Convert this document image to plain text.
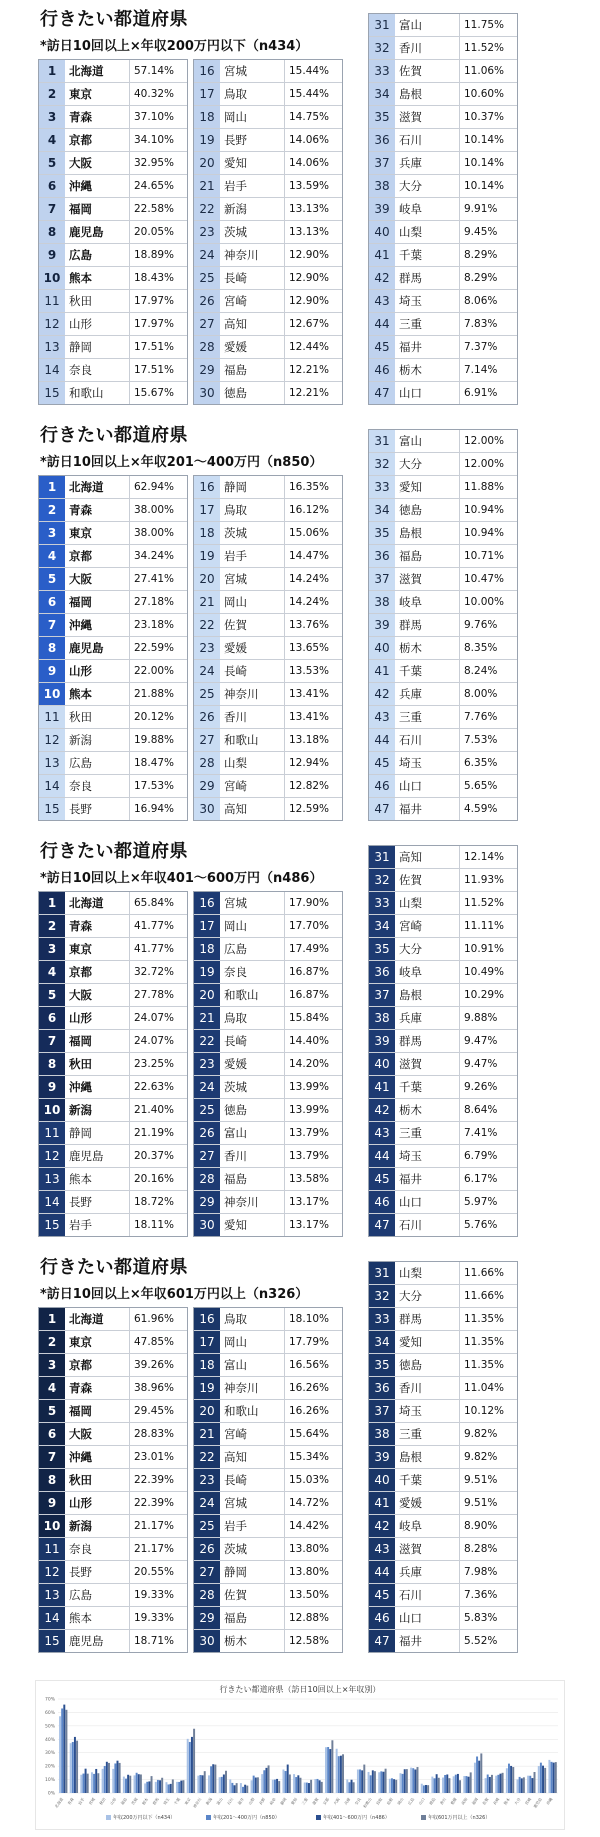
行きたい都道府県
*訪日10回以上×年収200万円以下（n434）
1	北海道	57.14%
2	東京	40.32%
3	青森	37.10%
4	京都	34.10%
5	大阪	32.95%
6	沖縄	24.65%
7	福岡	22.58%
8	鹿児島	20.05%
9	広島	18.89%
10 熊本	18.43%
11 秋田	17.97%
12 山形	17.97%
13 静岡	17.51%
14 奈良	17.51%
15 和歌山	15.67%
16 宮城	15.44%
17 鳥取	15.44%
18 岡山	14.75%
19 長野	14.06%
20 愛知	14.06%
21 岩手	13.59%
22 新潟	13.13%
23 茨城	13.13%
24 神奈川	12.90%
25 長崎	12.90%
26 宮崎	12.90%
27 高知	12.67%
28 愛媛	12.44%
29 福島	12.21%
30 徳島	12.21%
31 富山	11.75%
32 香川	11.52%
33 佐賀	11.06%
34 島根	10.60%
35 滋賀	10.37%
36 石川	10.14%
37 兵庫	10.14%
38 大分	10.14%
39 岐阜	9.91%
40 山梨	9.45%
41 千葉	8.29%
42 群馬	8.29%
43 埼玉	8.06%
44 三重	7.83%
45 福井	7.37%
46 栃木	7.14%
47 山口	6.91%
行きたい都道府県
*訪日10回以上×年収201～400万円（n850）
1	北海道	62.94%
2	青森	38.00%
3	東京	38.00%
4	京都	34.24%
5	大阪	27.41%
6	福岡	27.18%
7	沖縄	23.18%
8	鹿児島	22.59%
9	山形	22.00%
10 熊本	21.88%
11 秋田	20.12%
12 新潟	19.88%
13 広島	18.47%
14 奈良	17.53%
15 長野	16.94%
16 静岡	16.35%
17 鳥取	16.12%
18 茨城	15.06%
19 岩手	14.47%
20 宮城	14.24%
21 岡山	14.24%
22 佐賀	13.76%
23 愛媛	13.65%
24 長崎	13.53%
25 神奈川	13.41%
26 香川	13.41%
27 和歌山	13.18%
28 山梨	12.94%
29 宮崎	12.82%
30 高知	12.59%
31 富山	12.00%
32 大分	12.00%
33 愛知	11.88%
34 徳島	10.94%
35 島根	10.94%
36 福島	10.71%
37 滋賀	10.47%
38 岐阜	10.00%
39 群馬	9.76%
40 栃木	8.35%
41 千葉	8.24%
42 兵庫	8.00%
43 三重	7.76%
44 石川	7.53%
45 埼玉	6.35%
46 山口	5.65%
47 福井	4.59%
行きたい都道府県
*訪日10回以上×年収401～600万円（n486）
1	北海道	65.84%
2	青森	41.77%
3	東京	41.77%
4	京都	32.72%
5	大阪	27.78%
6	山形	24.07%
7	福岡	24.07%
8	秋田	23.25%
9	沖縄	22.63%
10 新潟	21.40%
11 静岡	21.19%
12 鹿児島	20.37%
13 熊本	20.16%
14 長野	18.72%
15 岩手	18.11%
16 宮城	17.90%
17 岡山	17.70%
18 広島	17.49%
19 奈良	16.87%
20 和歌山	16.87%
21 鳥取	15.84%
22 長崎	14.40%
23 愛媛	14.20%
24 茨城	13.99%
25 徳島	13.99%
26 富山	13.79%
27 香川	13.79%
28 福島	13.58%
29 神奈川	13.17%
30 愛知	13.17%
31 高知	12.14%
32 佐賀	11.93%
33 山梨	11.52%
34 宮崎	11.11%
35 大分	10.91%
36 岐阜	10.49%
37 島根	10.29%
38 兵庫	9.88%
39 群馬	9.47%
40 滋賀	9.47%
41 千葉	9.26%
42 栃木	8.64%
43 三重	7.41%
44 埼玉	6.79%
45 福井	6.17%
46 山口	5.97%
47 石川	5.76%
行きたい都道府県
*訪日10回以上×年収601万円以上（n326）
1	北海道	61.96%
2	東京	47.85%
3	京都	39.26%
4	青森	38.96%
5	福岡	29.45%
6	大阪	28.83%
7	沖縄	23.01%
8	秋田	22.39%
9	山形	22.39%
10 新潟	21.17%
11 奈良	21.17%
12 長野	20.55%
13 広島	19.33%
14 熊本	19.33%
15 鹿児島	18.71%
16 鳥取	18.10%
17 岡山	17.79%
18 富山	16.56%
19 神奈川	16.26%
20 和歌山	16.26%
21 宮崎	15.64%
22 高知	15.34%
23 長崎	15.03%
24 宮城	14.72%
25 岩手	14.42%
26 茨城	13.80%
27 静岡	13.80%
28 佐賀	13.50%
29 福島	12.88%
30 栃木	12.58%
31 山梨	11.66%
32 大分	11.66%
33 群馬	11.35%
34 愛知	11.35%
35 徳島	11.35%
36 香川	11.04%
37 埼玉	10.12%
38 三重	9.82%
39 島根	9.82%
40 千葉	9.51%
41 愛媛	9.51%
42 岐阜	8.90%
43 滋賀	8.28%
44 兵庫	7.98%
45 石川	7.36%
46 山口	5.83%
47 福井	5.52%
行きたい都道府県（訪日10回以上×年収別）
0%
10%
20%
30%
40%
50%
60%
70%
北海道 青森 岩手 宮城 秋田 山形 福島 茨城 栃木 群馬 埼玉 千葉 東京 神奈川 新潟 富山 石川 福井 山梨 長野 岐阜 静岡 愛知 三重 滋賀 京都 大阪 兵庫 奈良 和歌山 鳥取 島根 岡山 広島 山口 徳島 香川 愛媛 高知 福岡 佐賀 長崎 熊本 大分 宮崎 鹿児島 沖縄
年収200万円以下（n434）	年収201～400万円（n850）	年収401～600万円（n486）	年収601万円以上（n326）
